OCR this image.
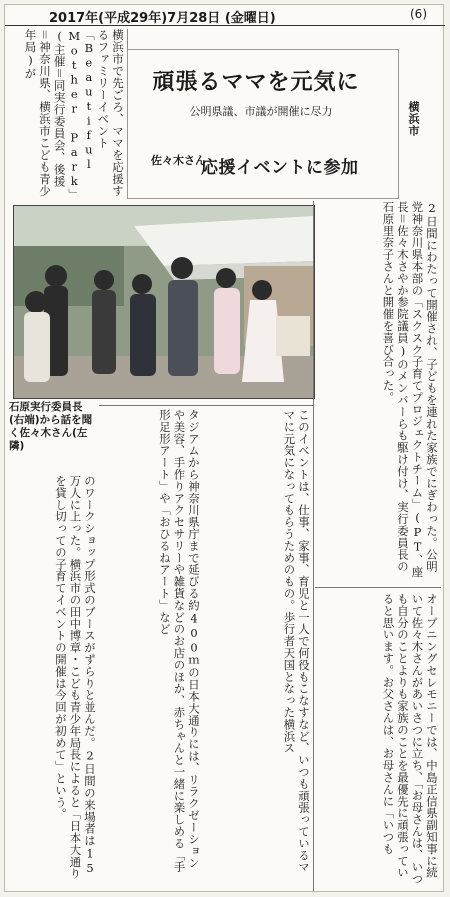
2017年(平成29年)7月28日 (金曜日)	(6)
横浜市で先ごろ、ママを応援するファミリーイベント「Beautiful Mother Park」(主催＝同実行委員会、後援＝神奈川県、横浜市こども青少年局)が
頑張るママを元気に
公明県議、市議が開催に尽力
佐々木さん
応援イベントに参加
横浜市
石原実行委員長(右端)から話を聞く佐々木さん(左隣)	2日間にわたって開催され、子どもを連れた家族でにぎわった。公明党神奈川県本部の「スクスク子育てプロジェクトチーム」(PT、座長＝佐々木さやか参院議員)のメンバーらも駆け付け、実行委員長の石原里奈子さんと開催を喜び合った。
このイベントは、仕事、家事、育児と一人で何役もこなすなど、いつも頑張っているママに元気になってもらうためのもの。歩行者天国となった横浜ス
タジアムから神奈川県庁まで延びる約400ｍの日本大通りには、リラクゼーションや美容、手作りアクセサリーや雑貨などのお店のほか、赤ちゃんと一緒に楽しめる「手形足形アート」や「おひるねアート」など
のワークショップ形式のブースがずらりと並んだ。2日間の来場者は15万人に上った。横浜市の田中博章・こども青少年局長によると「日本大通りを貸し切っての子育てイベントの開催は今回が初めて」という。	オープニングセレモニーでは、中島正信県副知事に続いて佐々木さんがあいさつに立ち、「お母さんは、いつも自分のことよりも家族のことを最優先に頑張っていると思います。お父さんは、お母さんに「いつも
